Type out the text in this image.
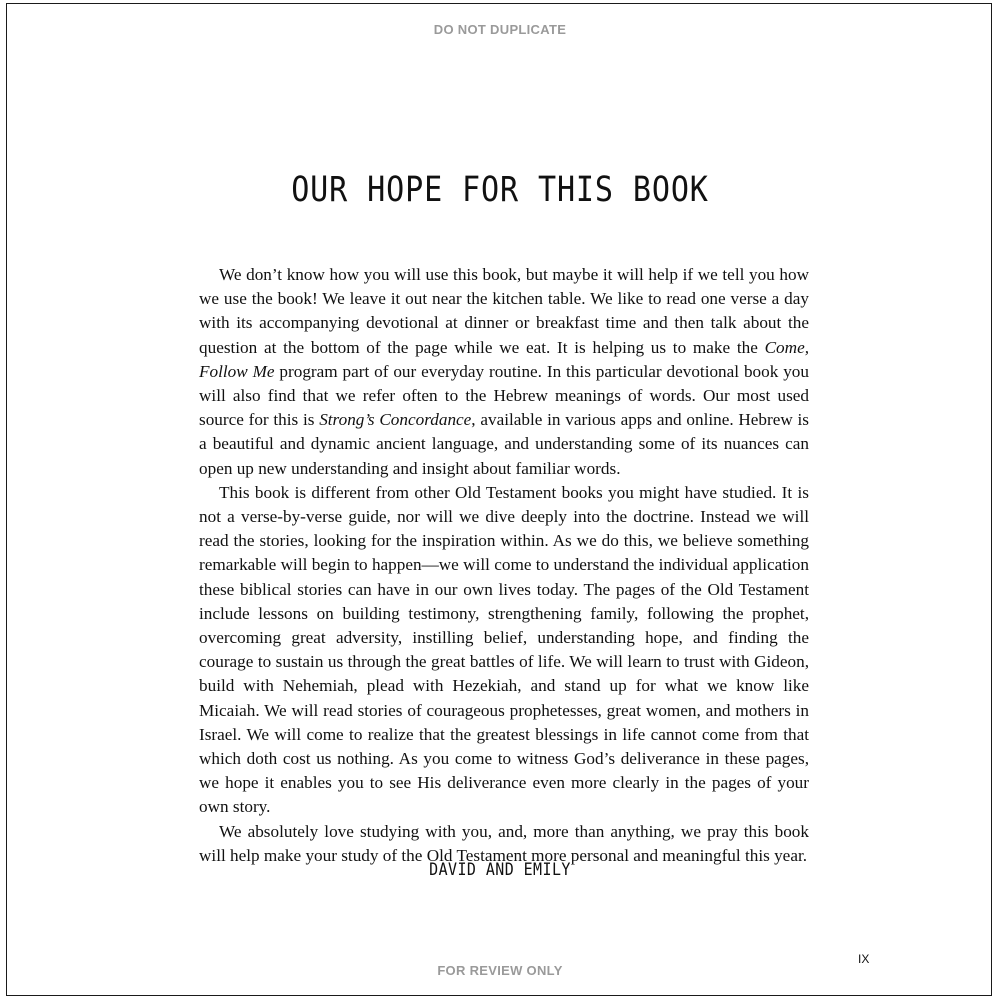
DO NOT DUPLICATE
OUR HOPE FOR THIS BOOK

We don’t know how you will use this book, but maybe it will help if we tell you how we use the book! We leave it out near the kitchen table. We like to read one verse a day with its accompanying devotional at dinner or breakfast time and then talk about the question at the bottom of the page while we eat. It is helping us to make the Come, Follow Me program part of our everyday routine. In this particular devotional book you will also find that we refer often to the Hebrew meanings of words. Our most used source for this is Strong’s Concordance, available in various apps and online. Hebrew is a beautiful and dynamic ancient language, and understanding some of its nuances can open up new understanding and insight about familiar words.

This book is different from other Old Testament books you might have studied. It is not a verse-by-verse guide, nor will we dive deeply into the doctrine. Instead we will read the stories, looking for the inspiration within. As we do this, we believe something remarkable will begin to happen—we will come to understand the individual application these biblical stories can have in our own lives today. The pages of the Old Testament include lessons on building testimony, strengthening family, following the prophet, overcoming great adversity, instilling belief, understanding hope, and finding the courage to sustain us through the great battles of life. We will learn to trust with Gideon, build with Nehemiah, plead with Hezekiah, and stand up for what we know like Micaiah. We will read stories of courageous prophetesses, great women, and mothers in Israel. We will come to realize that the greatest blessings in life cannot come from that which doth cost us nothing. As you come to witness God’s deliverance in these pages, we hope it enables you to see His deliverance even more clearly in the pages of your own story.

We absolutely love studying with you, and, more than anything, we pray this book will help make your study of the Old Testament more personal and meaningful this year.

DAVID AND EMILY
IX
FOR REVIEW ONLY
